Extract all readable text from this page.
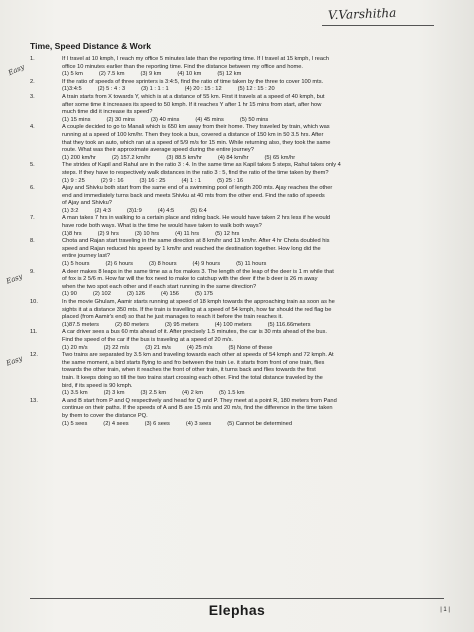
V.Varshitha
Time, Speed Distance & Work
Easy
Easy
Easy
1.	If I travel at 10 kmph, I reach my office 5 minutes late than the reporting time. If I travel at 15 kmph, I reach
office 10 minutes earlier than the reporting time. Find the distance between my office and home.
(1) 5 km	(2) 7.5 km	(3) 9 km	(4) 10 km	(5) 12 km
2.	If the ratio of speeds of three sprinters is 3:4:5, find the ratio of time taken by the three to cover 100 mts.
(1)3:4:5	(2) 5 : 4 : 3	(3) 1 : 1 : 1	(4) 20 : 15 : 12	(5) 12 : 15 : 20
3.	A train starts from X towards Y, which is at a distance of 55 km. First it travels at a speed of 40 kmph, but
after some time it increases its speed to 50 kmph. If it reaches Y after 1 hr 15 mins from start, after how
much time did it increase its speed?
(1) 15 mins	(2) 30 mins	(3) 40 mins	(4) 45 mins	(5) 50 mins
4.	A couple decided to go to Manali which is 650 km away from their home. They traveled by train, which was
running at a speed of 100 km/hr. Then they took a bus, covered a distance of 150 km in 50 3.5 hrs. After
that they took an auto, which ran at a speed of 5/9 m/s for 15 min. While returning also, they took the same
route. What was their approximate average speed during the entire journey?
(1) 200 km/hr	(2) 157.2 km/hr	(3) 88.5 km/hr	(4) 84 km/hr	(5) 65 km/hr
5.	The strides of Kapil and Rahul are in the ratio 3 : 4. In the same time as Kapil takes 5 steps, Rahul takes only 4
steps. If they have to respectively walk distances in the ratio 3 : 5, find the ratio of the time taken by them?
(1) 9 : 25	(2) 9 : 16	(3) 16 : 25	(4) 1 : 1	(5) 25 : 16
6.	Ajay and Shivku both start from the same end of a swimming pool of length 200 mts. Ajay reaches the other
end and immediately turns back and meets Shivku at 40 mts from the other end. Find the ratio of speeds
of Ajay and Shivku?
(1) 3:2	(2) 4:3	(3)1:9	(4) 4:5	(5) 6:4
7.	A man takes 7 hrs in walking to a certain place and riding back. He would have taken 2 hrs less if he would
have rode both ways. What is the time he would have taken to walk both ways?
(1)8 hrs	(2) 9 hrs	(3) 10 hrs	(4) 11 hrs	(5) 12 hrs
8.	Chota and Rajan start traveling in the same direction at 8 km/hr and 13 km/hr. After 4 hr Chota doubled his
speed and Rajan reduced his speed by 1 km/hr and reached the destination together. How long did the
entire journey last?
(1) 5 hours	(2) 6 hours	(3) 8 hours	(4) 9 hours	(5) 11 hours
9.	A deer makes 8 leaps in the same time as a fox makes 3. The length of the leap of the deer is 1 m while that
of fox is 2 5/6 m. How far will the fox need to make to catchup with the deer if the b deer is 26 m away
when the two spot each other and if each start running in the same direction?
(1) 90	(2) 102	(3) 126	(4) 156	(5) 175
10.	In the movie Ghulam, Aamir starts running at speed of 18 kmph towards the approaching train as soon as he
sights it at a distance 350 mts. If the train is travelling at a speed of 54 kmph, how far should the red flag be
placed (from Aamir's end) so that he just manages to reach it before the train reaches it.
(1)87.5 meters	(2) 80 meters	(3) 95 meters	(4) 100 meters	(5) 116.66meters
11.	A car driver sees a bus 60 mts ahead of it. After precisely 1.5 minutes, the car is 30 mts ahead of the bus.
Find the speed of the car if the bus is traveling at a speed of 20 m/s.
(1) 20 m/s	(2) 22 m/s	(3) 21 m/s	(4) 25 m/s	(5) None of these
12.	Two trains are separated by 3.5 km and traveling towards each other at speeds of 54 kmph and 72 kmph. At
the same moment, a bird starts flying to and fro between the train i.e. it starts from front of one train, flies
towards the other train, when it reaches the front of other train, it turns back and flies towards the first
train. It keeps doing so till the two trains start crossing each other. Find the total distance traveled by the
bird, if its speed is 90 kmph.
(1) 3.5 km	(2) 3 km	(3) 2.5 km	(4) 2 km	(5) 1.5 km
13.	A and B start from P and Q respectively and head for Q and P. They meet at a point R, 180 meters from Pand
continue on their paths. If the speeds of A and B are 15 m/s and 20 m/s, find the difference in the time taken
by them to cover the distance PQ.
(1) 5 sees	(2) 4 sees	(3) 6 sees	(4) 3 sees	(5) Cannot be determined
Elephas	| 1 |
